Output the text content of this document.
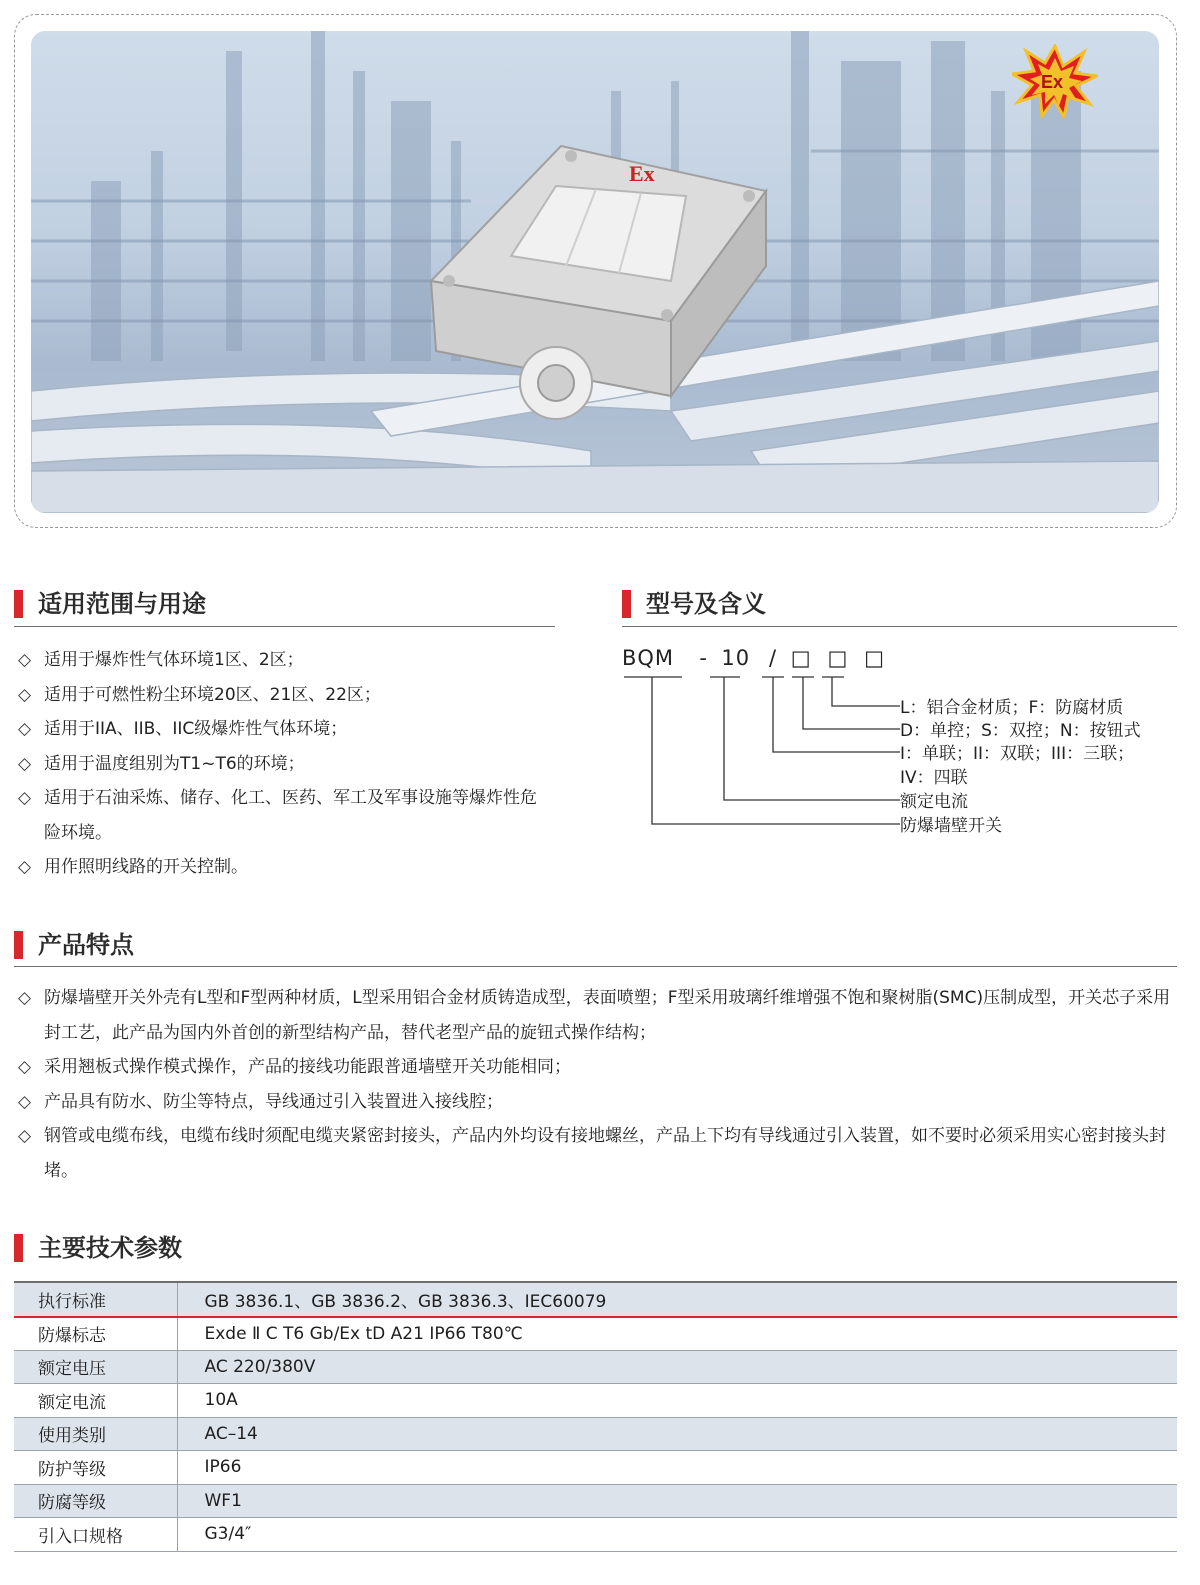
Ex
Ex
适用范围与用途
◇ 适用于爆炸性气体环境1区、2区；
◇ 适用于可燃性粉尘环境20区、21区、22区；
◇ 适用于IIA、IIB、IIC级爆炸性气体环境；
◇ 适用于温度组别为T1~T6的环境；
◇ 适用于石油采炼、储存、化工、医药、军工及军事设施等爆炸性危险环境。
◇ 用作照明线路的开关控制。
型号及含义
BQM - 10 / □ □ □
L：铝合金材质；F：防腐材质
D：单控；S：双控；N：按钮式
I：单联；II：双联；III：三联；
IV：四联
额定电流
防爆墙壁开关
产品特点
◇ 防爆墙壁开关外壳有L型和F型两种材质，L型采用铝合金材质铸造成型，表面喷塑；F型采用玻璃纤维增强不饱和聚树脂(SMC)压制成型，开关芯子采用封工艺，此产品为国内外首创的新型结构产品，替代老型产品的旋钮式操作结构；
◇ 采用翘板式操作模式操作，产品的接线功能跟普通墙壁开关功能相同；
◇ 产品具有防水、防尘等特点，导线通过引入装置进入接线腔；
◇ 钢管或电缆布线，电缆布线时须配电缆夹紧密封接头，产品内外均设有接地螺丝，产品上下均有导线通过引入装置，如不要时必须采用实心密封接头封堵。
主要技术参数
执行标准	GB 3836.1、GB 3836.2、GB 3836.3、IEC60079
防爆标志	Exde Ⅱ C T6 Gb/Ex tD A21 IP66 T80℃
额定电压	AC 220/380V
额定电流	10A
使用类别	AC–14
防护等级	IP66
防腐等级	WF1
引入口规格	G3/4″
